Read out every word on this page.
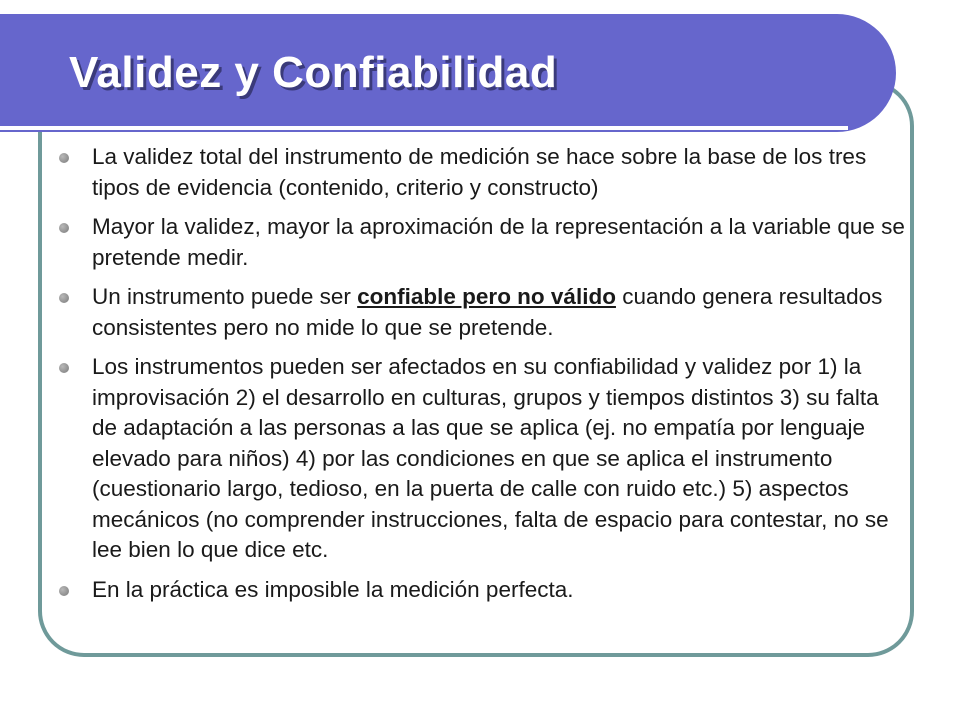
Validez y Confiabilidad
La validez total del instrumento de medición se hace sobre la base de los tres tipos de evidencia (contenido, criterio y constructo)
Mayor la validez, mayor la aproximación de la representación a la variable que se pretende medir.
Un instrumento puede ser confiable pero no válido cuando genera resultados consistentes pero no mide lo que se pretende.
Los instrumentos pueden ser afectados en su confiabilidad y validez por 1) la improvisación 2) el desarrollo en culturas, grupos y tiempos distintos 3) su falta de adaptación a las personas a las que se aplica (ej. no empatía por lenguaje elevado para niños) 4) por las condiciones en que se aplica el instrumento (cuestionario largo, tedioso, en la puerta de calle con ruido etc.) 5) aspectos mecánicos (no comprender instrucciones, falta de espacio para contestar, no se lee bien lo que dice etc.
En la práctica es imposible la medición perfecta.
